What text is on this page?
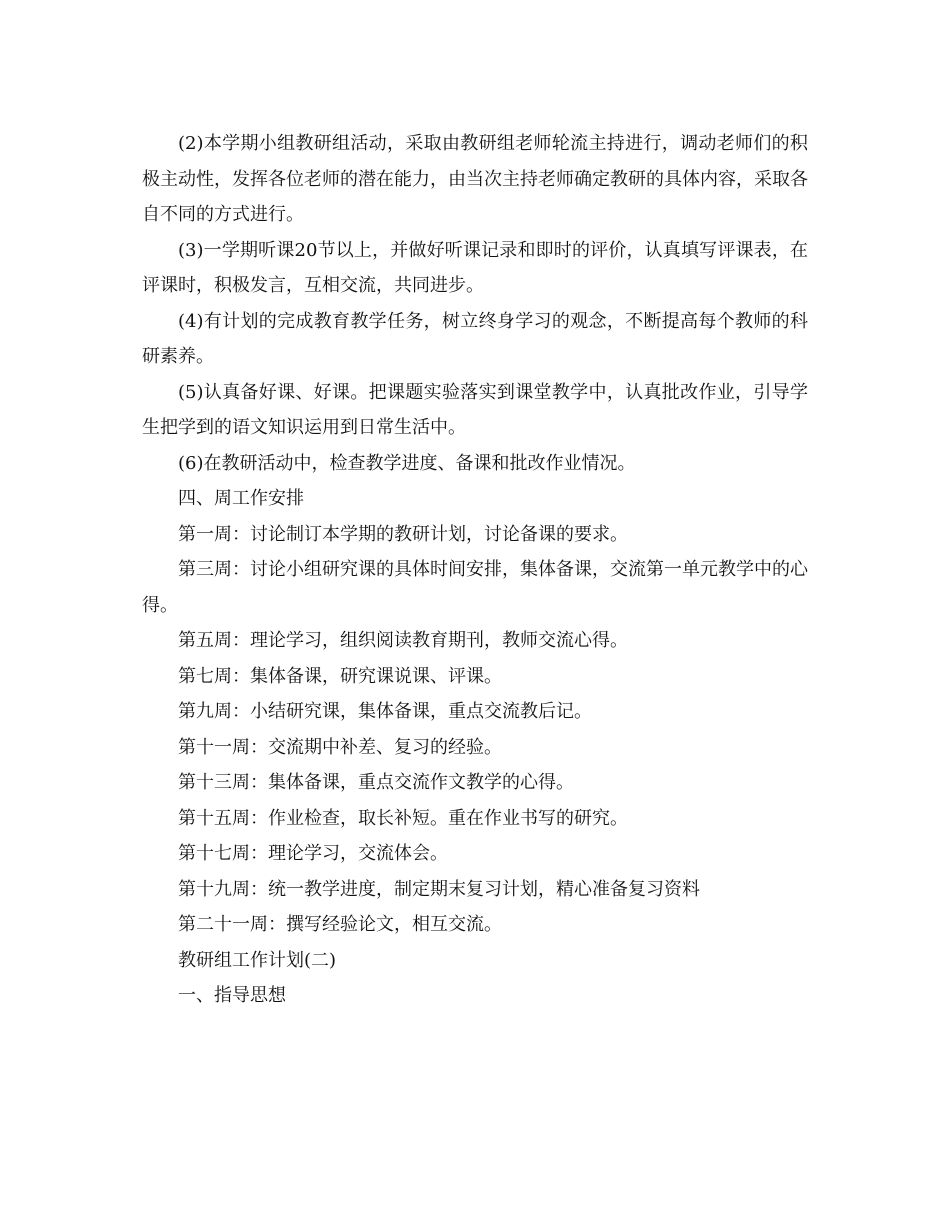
(2)本学期小组教研组活动，采取由教研组老师轮流主持进行，调动老师们的积极主动性，发挥各位老师的潜在能力，由当次主持老师确定教研的具体内容，采取各自不同的方式进行。

(3)一学期听课20节以上，并做好听课记录和即时的评价，认真填写评课表，在评课时，积极发言，互相交流，共同进步。

(4)有计划的完成教育教学任务，树立终身学习的观念，不断提高每个教师的科研素养。

(5)认真备好课、好课。把课题实验落实到课堂教学中，认真批改作业，引导学生把学到的语文知识运用到日常生活中。

(6)在教研活动中，检查教学进度、备课和批改作业情况。

四、周工作安排

第一周：讨论制订本学期的教研计划，讨论备课的要求。

第三周：讨论小组研究课的具体时间安排，集体备课，交流第一单元教学中的心得。

第五周：理论学习，组织阅读教育期刊，教师交流心得。

第七周：集体备课，研究课说课、评课。

第九周：小结研究课，集体备课，重点交流教后记。

第十一周：交流期中补差、复习的经验。

第十三周：集体备课，重点交流作文教学的心得。

第十五周：作业检查，取长补短。重在作业书写的研究。

第十七周：理论学习，交流体会。

第十九周：统一教学进度，制定期末复习计划，精心准备复习资料

第二十一周：撰写经验论文，相互交流。

教研组工作计划(二)

一、指导思想
